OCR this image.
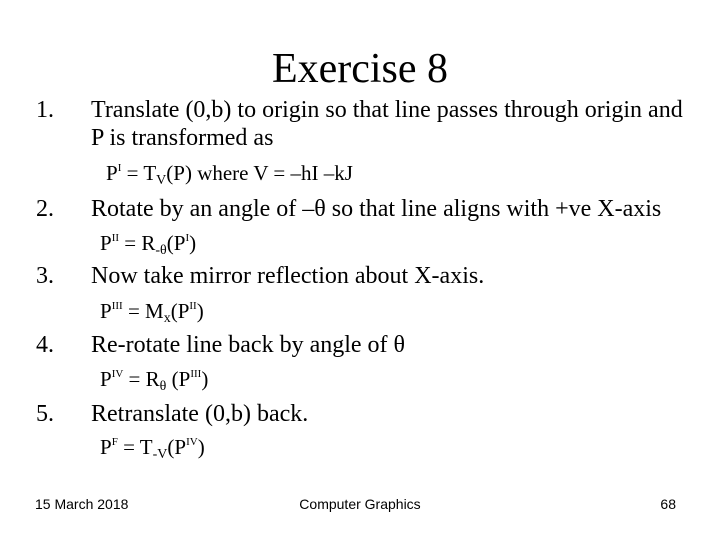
Exercise 8
1.	Translate (0,b) to origin so that line passes through origin and P is transformed as
$P^I = T_V(P)$ where V = –hI –kJ
2.	Rotate by an angle of –θ so that line aligns with +ve X-axis
$P^{II} = R_{-\theta}(P^I)$
3.	Now take mirror reflection about X-axis.
$P^{III} = M_x(P^{II})$
4.	Re-rotate line back by angle of θ
$P^{IV} = R_\theta$ $(P^{III})$
5.	Retranslate (0,b) back.
$P^F = T_{-V}(P^{IV})$
15 March 2018	Computer Graphics	68
